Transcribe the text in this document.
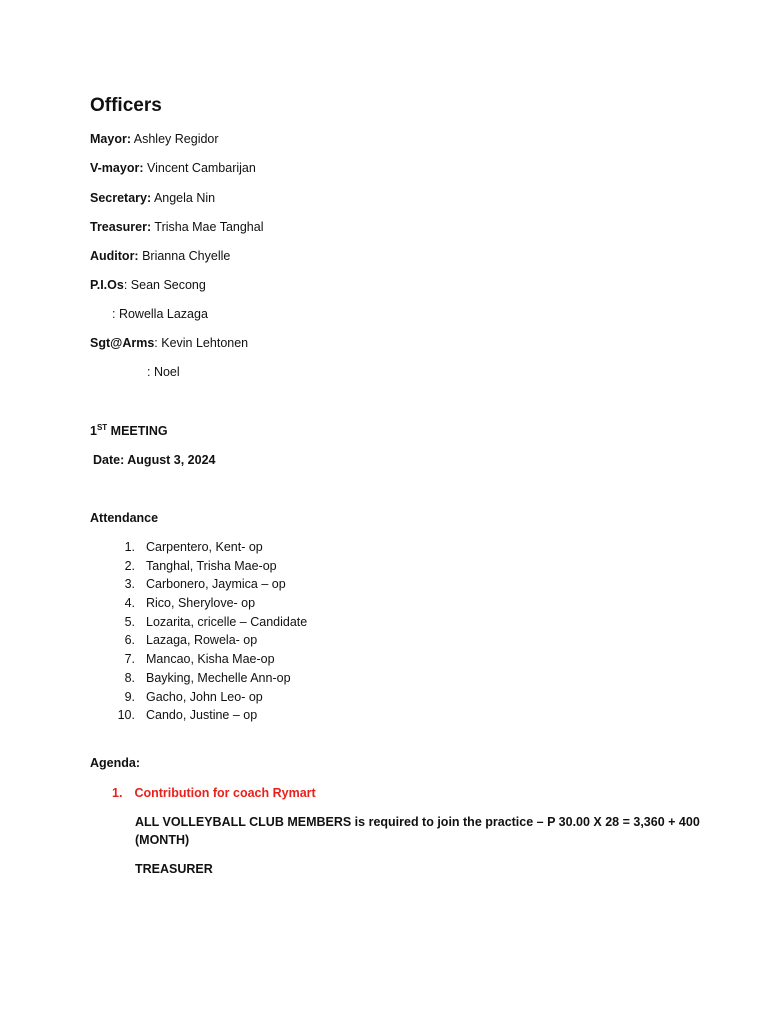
Officers
Mayor: Ashley Regidor
V-mayor: Vincent Cambarijan
Secretary: Angela Nin
Treasurer: Trisha Mae Tanghal
Auditor: Brianna Chyelle
P.I.Os: Sean Secong
: Rowella Lazaga
Sgt@Arms: Kevin Lehtonen
: Noel
1ST MEETING
Date: August 3, 2024
Attendance
1. Carpentero, Kent- op
2. Tanghal, Trisha Mae-op
3. Carbonero, Jaymica – op
4. Rico, Sherylove- op
5. Lozarita, cricelle – Candidate
6. Lazaga, Rowela- op
7. Mancao, Kisha Mae-op
8. Bayking, Mechelle Ann-op
9. Gacho, John Leo- op
10. Cando, Justine – op
Agenda:
1. Contribution for coach Rymart
ALL VOLLEYBALL CLUB MEMBERS is required to join the practice – P 30.00 X 28 = 3,360 + 400
(MONTH)
TREASURER
